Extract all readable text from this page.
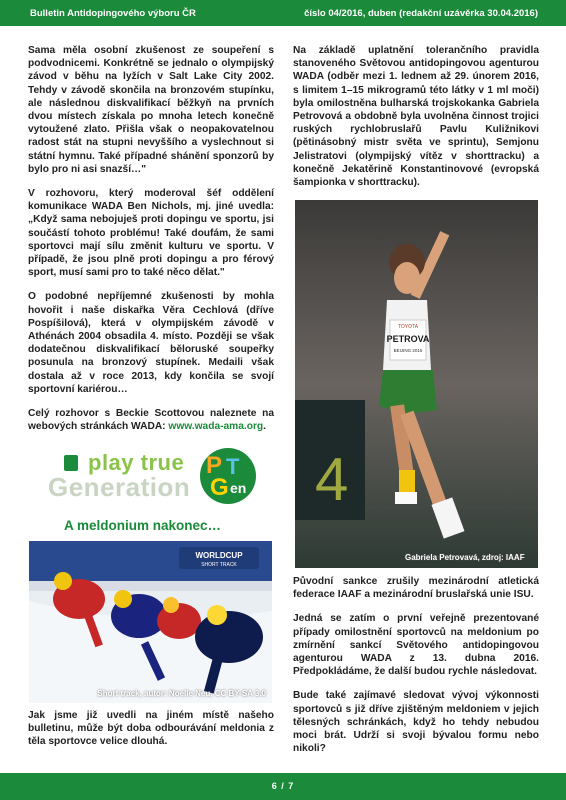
Bulletin Antidopingového výboru ČR	číslo 04/2016, duben (redakční uzávěrka 30.04.2016)

Sama měla osobní zkušenost ze soupeření s podvodnicemi. Konkrétně se jednalo o olympijský závod v běhu na lyžích v Salt Lake City 2002. Tehdy v závodě skončila na bronzovém stupínku, ale následnou diskvalifikací běžkyň na prvních dvou místech získala po mnoha letech konečně vytoužené zlato. Přišla však o neopakovatelnou radost stát na stupni nevyššího a vyslechnout si státní hymnu. Také případné shánění sponzorů by bylo pro ni asi snazší…"

V rozhovoru, který moderoval šéf oddělení komunikace WADA Ben Nichols, mj. jiné uvedla: „Když sama nebojuješ proti dopingu ve sportu, jsi součástí tohoto problému! Také doufám, že sami sportovci mají sílu změnit kulturu ve sportu. V případě, že jsou plně proti dopingu a pro férový sport, musí sami pro to také něco dělat."

O podobné nepříjemné zkušenosti by mohla hovořit i naše diskařka Věra Cechlová (dříve Pospíšilová), která v olympijském závodě v Athénách 2004 obsadila 4. místo. Později se však dodatečnou diskvalifikací běloruské soupeřky posunula na bronzový stupínek. Medaili však dostala až v roce 2013, kdy končila se svojí sportovní kariérou…

Celý rozhovor s Beckie Scottovou naleznete na webových stránkách WADA: www.wada-ama.org.

play true
Generation
P T
G en
A meldonium nakonec…
WORLDCUP
SHORT TRACK
Short track, autor: Noelle Neu, CC BY-SA 3.0

Jak jsme již uvedli na jiném místě našeho bulletinu, může být doba odbourávání meldonia z těla sportovce velice dlouhá.

Na základě uplatnění tolerančního pravidla stanoveného Světovou antidopingovou agenturou WADA (odběr mezi 1. lednem až 29. únorem 2016, s limitem 1–15 mikrogramů této látky v 1 ml moči) byla omilostněna bulharská trojskokanka Gabriela Petrovová a obdobně byla uvolněna činnost trojici ruských rychlobruslařů Pavlu Kuližnikovi (pětinásobný mistr světa ve sprintu), Semjonu Jelistratovi (olympijský vítěz v shorttracku) a konečně Jekatěrině Konstantinovové (evropská šampionka v shorttracku).

4
TOYOTA
PETROVA
BEIJING 2015
Gabriela Petrovavá, zdroj: IAAF

Původní sankce zrušily mezinárodní atletická federace IAAF a mezinárodní bruslařská unie ISU.

Jedná se zatím o první veřejně prezentované případy omilostnění sportovců na meldonium po zmírnění sankcí Světového antidopingovou agenturou WADA z 13. dubna 2016. Předpokládáme, že další budou rychle následovat.

Bude také zajímavé sledovat vývoj výkonnosti sportovců s již dříve zjištěným meldoniem v jejich tělesných schránkách, když ho tehdy nebudou moci brát. Udrží si svoji bývalou formu nebo nikoli?

6 / 7
